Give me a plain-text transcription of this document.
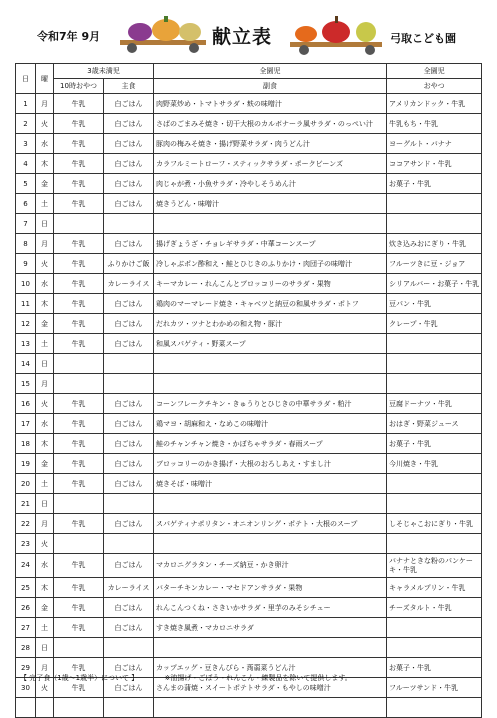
令和7年 9月	献立表	弓取こども園
日	曜	3歳未満児		全園児	全園児
		10時おやつ	主食	副食	おやつ
1	月	牛乳	白ごはん	肉野菜炒め・トマトサラダ・麸の味噌汁	アメリカンドック・牛乳
2	火	牛乳	白ごはん	さばのごまみそ焼き・切干大根のカルボナーラ風サラダ・のっぺい汁	牛乳もち・牛乳
3	水	牛乳	白ごはん	豚肉の梅みそ焼き・揚げ野菜サラダ・肉うどん汁	ヨーグルト・バナナ
4	木	牛乳	白ごはん	カラフルミートローフ・スティックサラダ・ポークビーンズ	ココアサンド・牛乳
5	金	牛乳	白ごはん	肉じゃが煮・小魚サラダ・冷やしそうめん汁	お菓子・牛乳
6	土	牛乳	白ごはん	焼きうどん・味噌汁	
7	日				
8	月	牛乳	白ごはん	揚げぎょうざ・チョレギサラダ・中華コーンスープ	炊き込みおにぎり・牛乳
9	火	牛乳	ふりかけご飯	冷しゃぶポン酢和え・鮭とひじきのふりかけ・肉団子の味噌汁	フルーツきに豆・ジョア
10	水	牛乳	カレーライス	キーマカレー・れんこんとブロッコリーのサラダ・果物	シリアルバー・お菓子・牛乳
11	木	牛乳	白ごはん	鶏肉のマーマレード焼き・キャベツと納豆の和風サラダ・ポトフ	豆パン・牛乳
12	金	牛乳	白ごはん	だれカツ・ツナとわかめの和え物・豚汁	クレープ・牛乳
13	土	牛乳	白ごはん	和風スパゲティ・野菜スープ	
14	日				
15	月				
16	火	牛乳	白ごはん	コーンフレークチキン・きゅうりとひじきの中華サラダ・粕汁	豆腐ドーナツ・牛乳
17	水	牛乳	白ごはん	鶏マヨ・胡麻和え・なめこの味噌汁	おはぎ・野菜ジュース
18	木	牛乳	白ごはん	鮭のチャンチャン焼き・かぼちゃサラダ・春雨スープ	お菓子・牛乳
19	金	牛乳	白ごはん	ブロッコリーのかき揚げ・大根のおろしあえ・すまし汁	今川焼き・牛乳
20	土	牛乳	白ごはん	焼きそば・味噌汁	
21	日				
22	月	牛乳	白ごはん	スパゲティナポリタン・オニオンリング・ポテト・大根のスープ	しそじゃこおにぎり・牛乳
23	火				
24	水	牛乳	白ごはん	マカロニグラタン・チーズ納豆・かき卵汁	バナナときな粉のパンケーキ・牛乳
25	木	牛乳	カレーライス	バターチキンカレー・マセドアンサラダ・果物	キャラメルプリン・牛乳
26	金	牛乳	白ごはん	れんこんつくね・さきいかサラダ・里芋のみそシチュー	チーズタルト・牛乳
27	土	牛乳	白ごはん	すき焼き風煮・マカロニサラダ	
28	日				
29	月	牛乳	白ごはん	カップエッグ・豆きんぴら・蒟蒻菜うどん汁	お菓子・牛乳
30	火	牛乳	白ごはん	さんまの蒲焼・スイートポテトサラダ・もやしの味噌汁	フルーツサンド・牛乳

【 完了食（1歳～1歳半）について 】	※油揚げ・ごぼう・れんこん・練製品を除いて提供します。
